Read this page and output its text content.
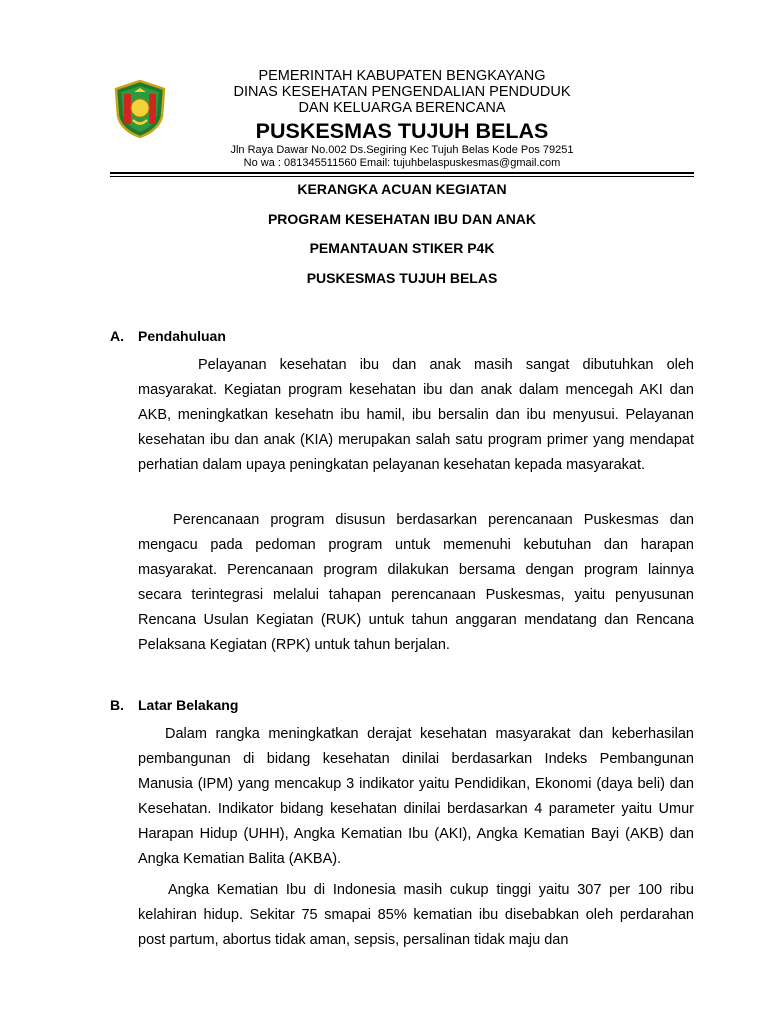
PEMERINTAH KABUPATEN BENGKAYANG
DINAS KESEHATAN PENGENDALIAN PENDUDUK
DAN KELUARGA BERENCANA
PUSKESMAS TUJUH BELAS
Jln Raya Dawar No.002 Ds.Segiring Kec Tujuh Belas Kode Pos 79251
No wa : 081345511560 Email: tujuhbelaspuskesmas@gmail.com
KERANGKA ACUAN KEGIATAN
PROGRAM KESEHATAN IBU DAN ANAK
PEMANTAUAN STIKER P4K
PUSKESMAS TUJUH BELAS
A. Pendahuluan

Pelayanan kesehatan ibu dan anak masih sangat dibutuhkan oleh masyarakat. Kegiatan program kesehatan ibu dan anak dalam mencegah AKI dan AKB, meningkatkan kesehatn ibu hamil, ibu bersalin dan ibu menyusui. Pelayanan kesehatan ibu dan anak (KIA) merupakan salah satu program primer yang mendapat perhatian dalam upaya peningkatan pelayanan kesehatan kepada masyarakat.

Perencanaan program disusun berdasarkan perencanaan Puskesmas dan mengacu pada pedoman program untuk memenuhi kebutuhan dan harapan masyarakat. Perencanaan program dilakukan bersama dengan program lainnya secara terintegrasi melalui tahapan perencanaan Puskesmas, yaitu penyusunan Rencana Usulan Kegiatan (RUK) untuk tahun anggaran mendatang dan Rencana Pelaksana Kegiatan (RPK) untuk tahun berjalan.

B. Latar Belakang

Dalam rangka meningkatkan derajat kesehatan masyarakat dan keberhasilan pembangunan di bidang kesehatan dinilai berdasarkan Indeks Pembangunan Manusia (IPM) yang mencakup 3 indikator yaitu Pendidikan, Ekonomi (daya beli) dan Kesehatan. Indikator bidang kesehatan dinilai berdasarkan 4 parameter yaitu Umur Harapan Hidup (UHH), Angka Kematian Ibu (AKI), Angka Kematian Bayi (AKB) dan Angka Kematian Balita (AKBA).

Angka Kematian Ibu di Indonesia masih cukup tinggi yaitu 307 per 100 ribu kelahiran hidup. Sekitar 75 smapai 85% kematian ibu disebabkan oleh perdarahan post partum, abortus tidak aman, sepsis, persalinan tidak maju dan
